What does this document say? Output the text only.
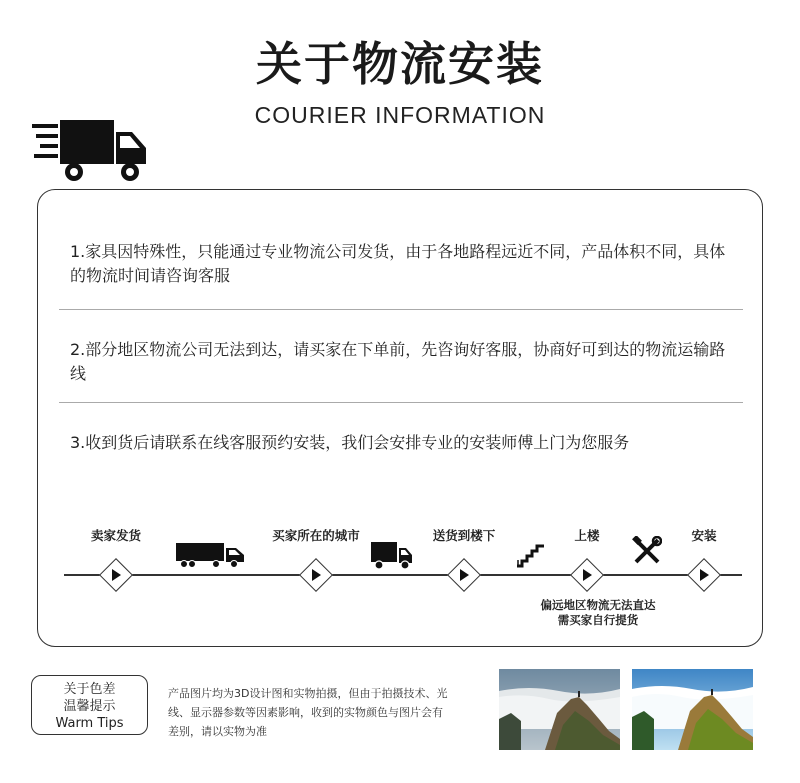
关于物流安装
COURIER INFORMATION
1.家具因特殊性，只能通过专业物流公司发货，由于各地路程远近不同，产品体积不同，具体的物流时间请咨询客服
2.部分地区物流公司无法到达，请买家在下单前，先咨询好客服，协商好可到达的物流运输路线
3.收到货后请联系在线客服预约安装，我们会安排专业的安装师傅上门为您服务
卖家发货	买家所在的城市	送货到楼下	上楼	安装
偏远地区物流无法直达
需买家自行提货
关于色差
温馨提示
Warm Tips
产品图片均为3D设计图和实物拍摄，但由于拍摄技术、光
线、显示器参数等因素影响，收到的实物颜色与图片会有
差别，请以实物为准
